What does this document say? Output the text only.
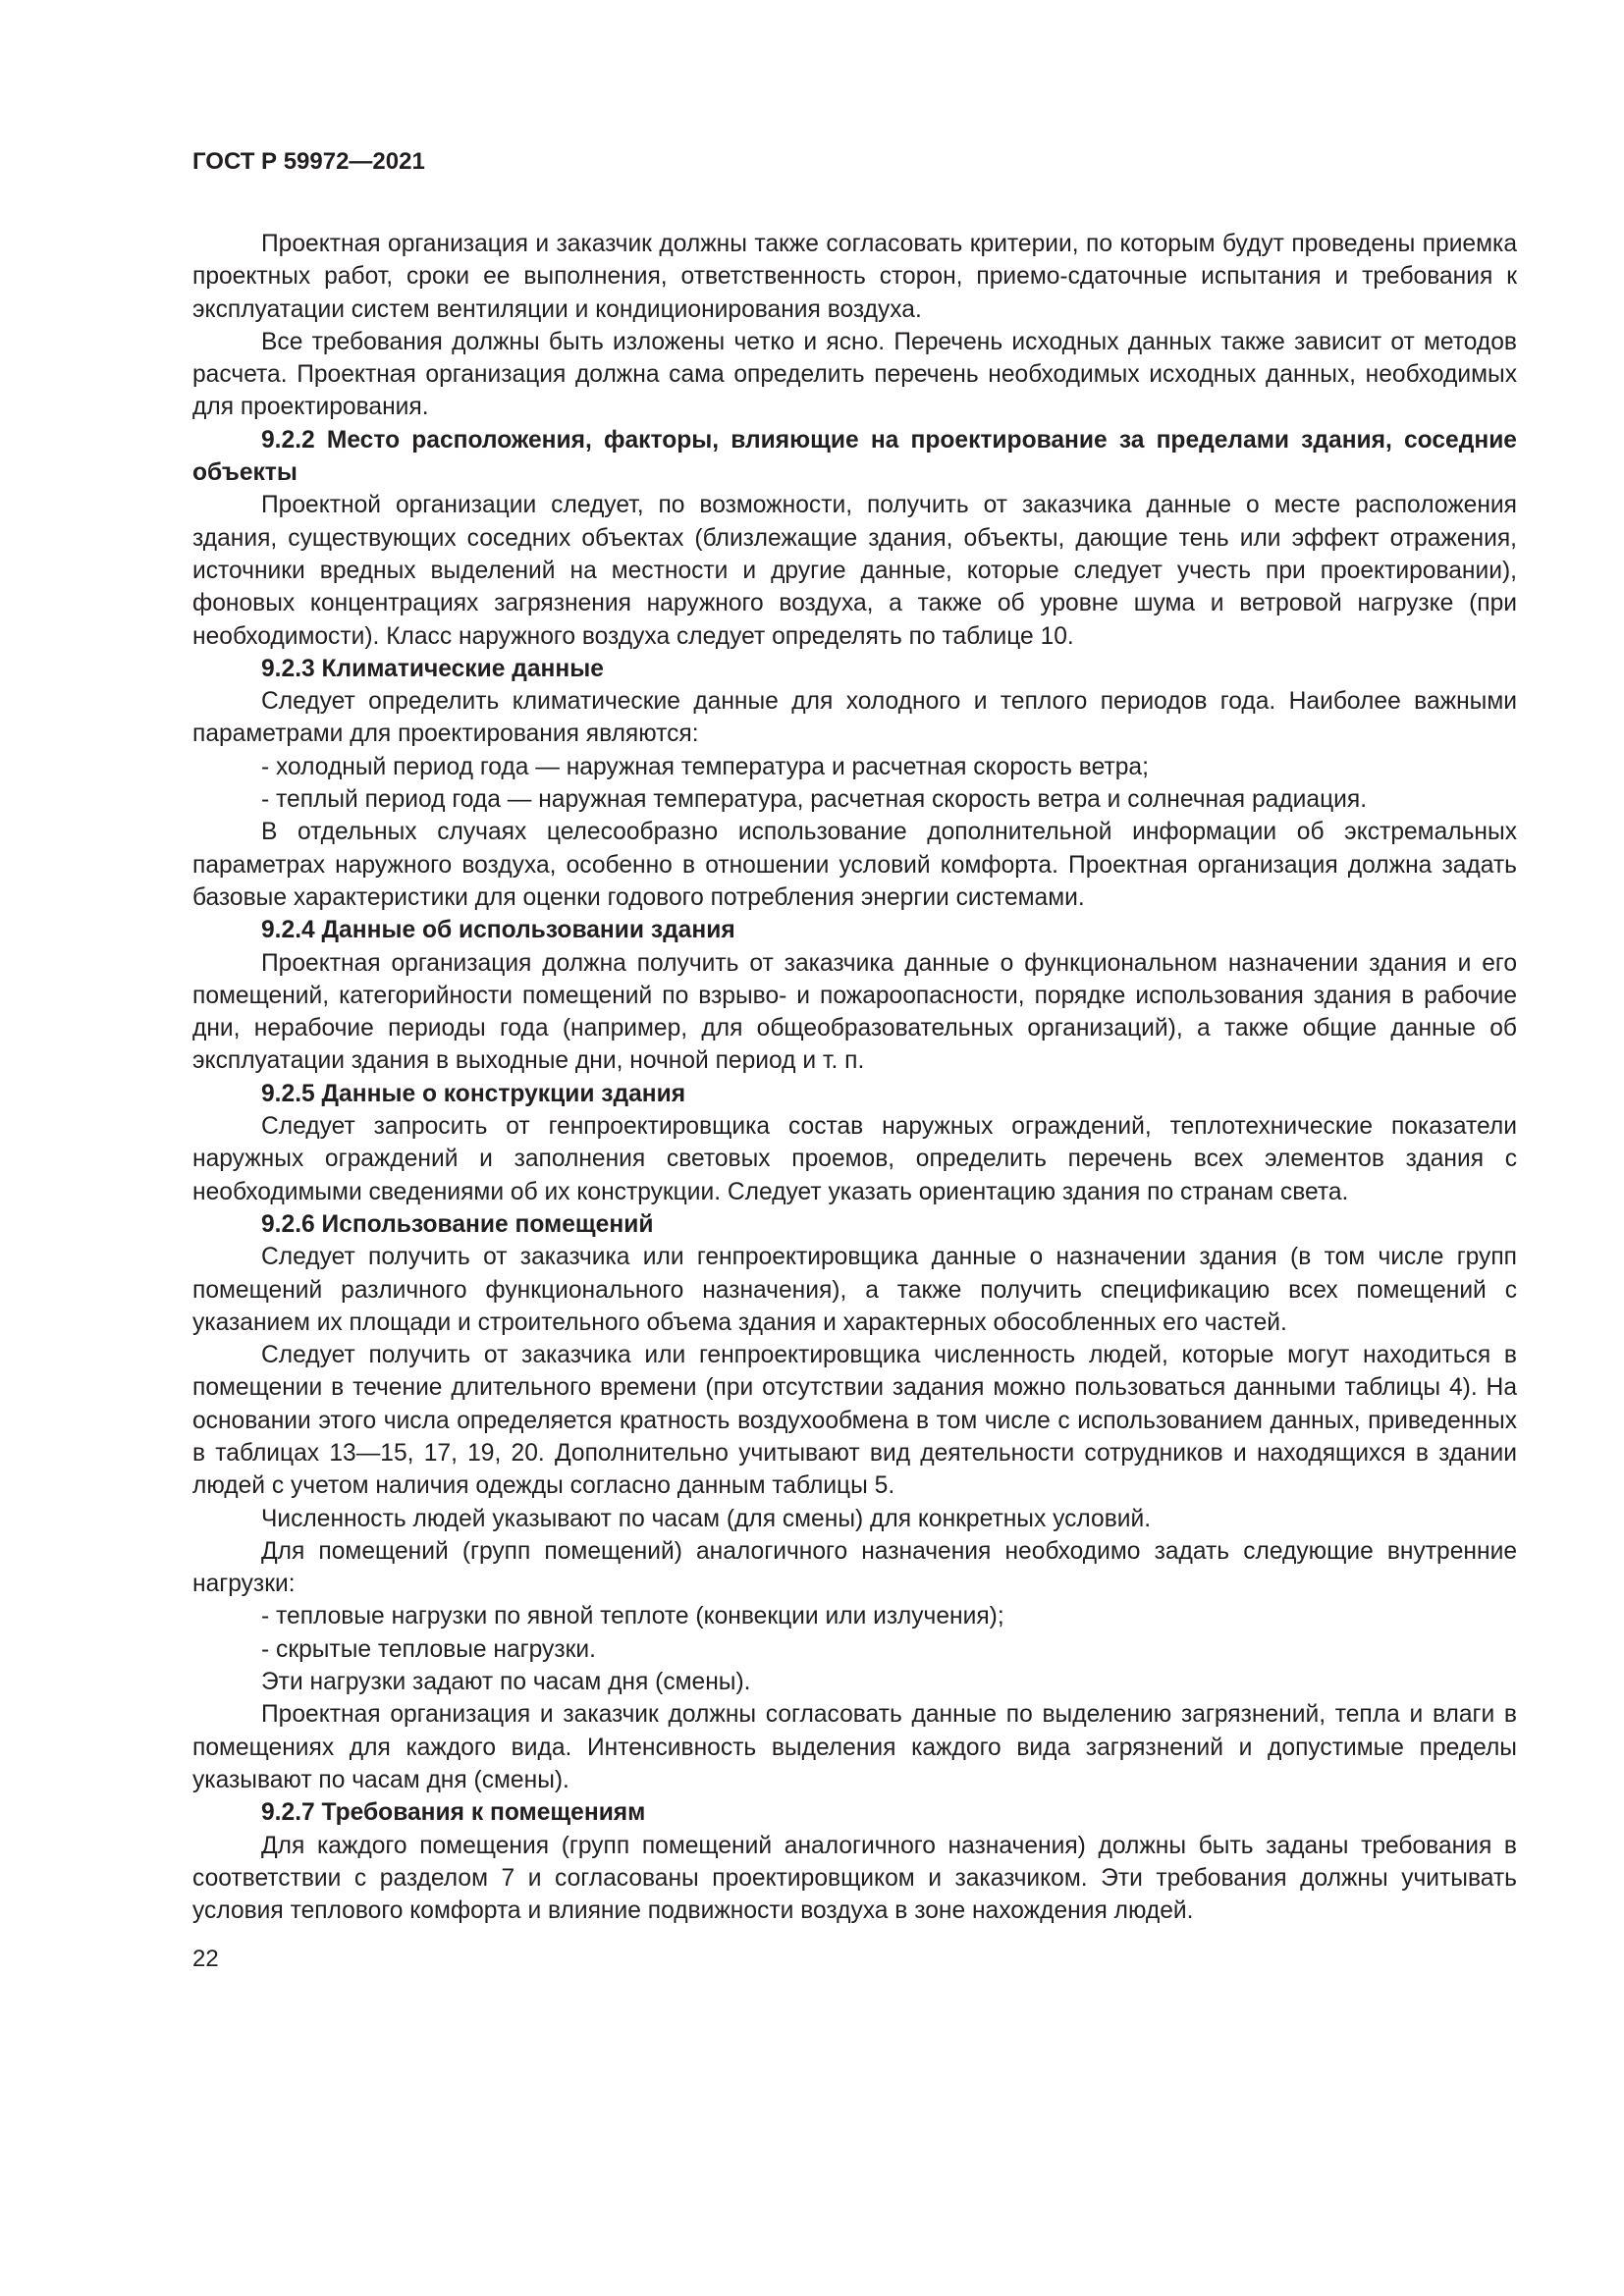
ГОСТ Р 59972—2021

Проектная организация и заказчик должны также согласовать критерии, по которым будут проведены приемка проектных работ, сроки ее выполнения, ответственность сторон, приемо-сдаточные испытания и требования к эксплуатации систем вентиляции и кондиционирования воздуха.

Все требования должны быть изложены четко и ясно. Перечень исходных данных также зависит от методов расчета. Проектная организация должна сама определить перечень необходимых исходных данных, необходимых для проектирования.

9.2.2 Место расположения, факторы, влияющие на проектирование за пределами здания, соседние объекты

Проектной организации следует, по возможности, получить от заказчика данные о месте расположения здания, существующих соседних объектах (близлежащие здания, объекты, дающие тень или эффект отражения, источники вредных выделений на местности и другие данные, которые следует учесть при проектировании), фоновых концентрациях загрязнения наружного воздуха, а также об уровне шума и ветровой нагрузке (при необходимости). Класс наружного воздуха следует определять по таблице 10.

9.2.3 Климатические данные

Следует определить климатические данные для холодного и теплого периодов года. Наиболее важными параметрами для проектирования являются:

- холодный период года — наружная температура и расчетная скорость ветра;

- теплый период года — наружная температура, расчетная скорость ветра и солнечная радиация.

В отдельных случаях целесообразно использование дополнительной информации об экстремальных параметрах наружного воздуха, особенно в отношении условий комфорта. Проектная организация должна задать базовые характеристики для оценки годового потребления энергии системами.

9.2.4 Данные об использовании здания

Проектная организация должна получить от заказчика данные о функциональном назначении здания и его помещений, категорийности помещений по взрыво- и пожароопасности, порядке использования здания в рабочие дни, нерабочие периоды года (например, для общеобразовательных организаций), а также общие данные об эксплуатации здания в выходные дни, ночной период и т. п.

9.2.5 Данные о конструкции здания

Следует запросить от генпроектировщика состав наружных ограждений, теплотехнические показатели наружных ограждений и заполнения световых проемов, определить перечень всех элементов здания с необходимыми сведениями об их конструкции. Следует указать ориентацию здания по странам света.

9.2.6 Использование помещений

Следует получить от заказчика или генпроектировщика данные о назначении здания (в том числе групп помещений различного функционального назначения), а также получить спецификацию всех помещений с указанием их площади и строительного объема здания и характерных обособленных его частей.

Следует получить от заказчика или генпроектировщика численность людей, которые могут находиться в помещении в течение длительного времени (при отсутствии задания можно пользоваться данными таблицы 4). На основании этого числа определяется кратность воздухообмена в том числе с использованием данных, приведенных в таблицах 13—15, 17, 19, 20. Дополнительно учитывают вид деятельности сотрудников и находящихся в здании людей с учетом наличия одежды согласно данным таблицы 5.

Численность людей указывают по часам (для смены) для конкретных условий.

Для помещений (групп помещений) аналогичного назначения необходимо задать следующие внутренние нагрузки:

- тепловые нагрузки по явной теплоте (конвекции или излучения);

- скрытые тепловые нагрузки.

Эти нагрузки задают по часам дня (смены).

Проектная организация и заказчик должны согласовать данные по выделению загрязнений, тепла и влаги в помещениях для каждого вида. Интенсивность выделения каждого вида загрязнений и допустимые пределы указывают по часам дня (смены).

9.2.7 Требования к помещениям

Для каждого помещения (групп помещений аналогичного назначения) должны быть заданы требования в соответствии с разделом 7 и согласованы проектировщиком и заказчиком. Эти требования должны учитывать условия теплового комфорта и влияние подвижности воздуха в зоне нахождения людей.

22
